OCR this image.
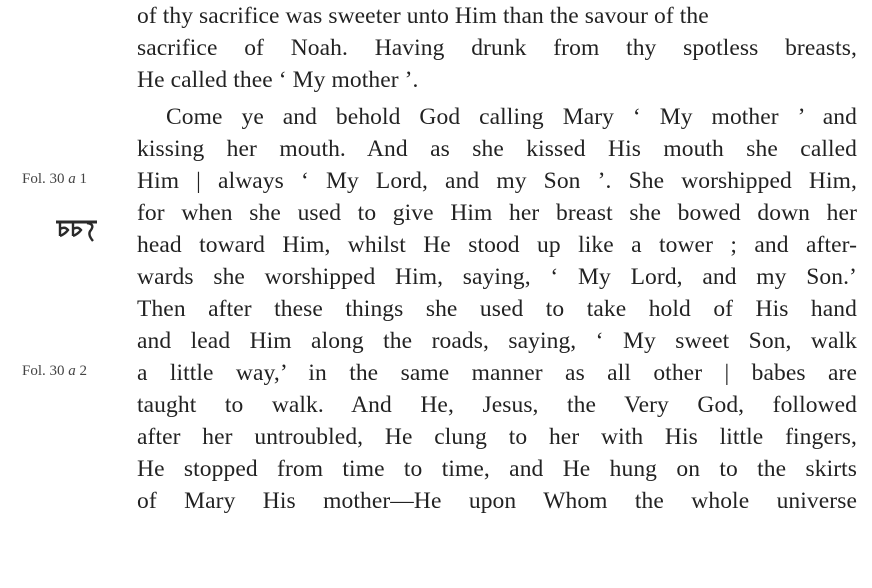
of thy sacrifice was sweeter unto Him than the savour of the
sacrifice of Noah. Having drunk from thy spotless breasts,
He called thee ‘ My mother ’.
Come ye and behold God calling Mary ‘ My mother ’ and
kissing her mouth. And as she kissed His mouth she called
Him | always ‘ My Lord, and my Son ’. She worshipped Him,
for when she used to give Him her breast she bowed down her
head toward Him, whilst He stood up like a tower ; and after-
wards she worshipped Him, saying, ‘ My Lord, and my Son.’
Then after these things she used to take hold of His hand
and lead Him along the roads, saying, ‘ My sweet Son, walk
a little way,’ in the same manner as all other | babes are
taught to walk. And He, Jesus, the Very God, followed
after her untroubled, He clung to her with His little fingers,
He stopped from time to time, and He hung on to the skirts
of Mary His mother—He upon Whom the whole universe
Fol. 30 a 1
Fol. 30 a 2
